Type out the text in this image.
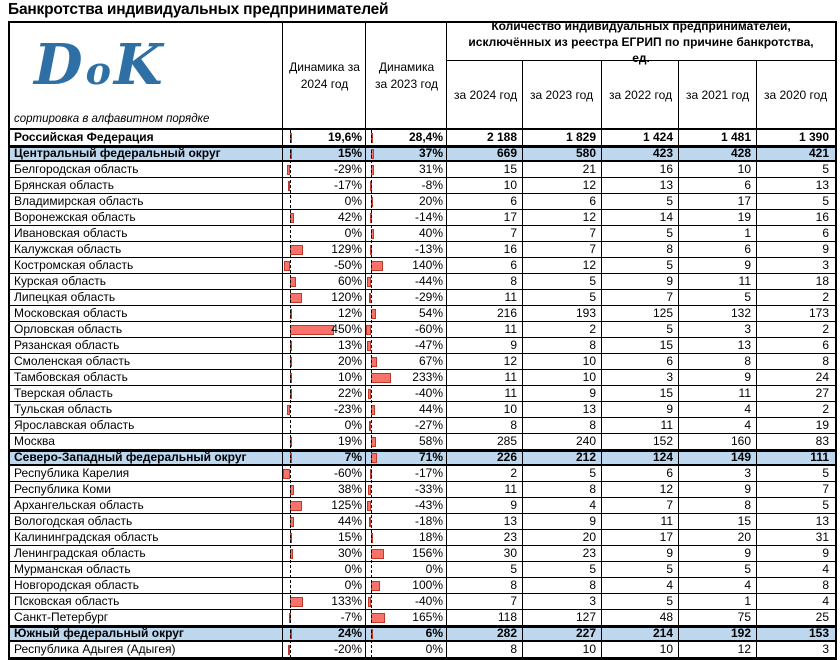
Банкротства индивидуальных предпринимателей
DoK
сортировка в алфавитном порядке
Динамика за 2024 год
Динамика за 2023 год
Количество индивидуальных предпринимателей, исключённых из реестра ЕГРИП по причине банкротства, ед.
за 2024 год	за 2023 год	за 2022 год	за 2021 год	за 2020 год
Российская Федерация	19,6%	28,4%	2 188	1 829	1 424	1 481	1 390
Центральный федеральный округ	15%	37%	669	580	423	428	421
Белгородская область	-29%	31%	15	21	16	10	5
Брянская область	-17%	-8%	10	12	13	6	13
Владимирская область	0%	20%	6	6	5	17	5
Воронежская область	42%	-14%	17	12	14	19	16
Ивановская область	0%	40%	7	7	5	1	6
Калужская область	129%	-13%	16	7	8	6	9
Костромская область	-50%	140%	6	12	5	9	3
Курская область	60%	-44%	8	5	9	11	18
Липецкая область	120%	-29%	11	5	7	5	2
Московская область	12%	54%	216	193	125	132	173
Орловская область	450%	-60%	11	2	5	3	2
Рязанская область	13%	-47%	9	8	15	13	6
Смоленская область	20%	67%	12	10	6	8	8
Тамбовская область	10%	233%	11	10	3	9	24
Тверская область	22%	-40%	11	9	15	11	27
Тульская область	-23%	44%	10	13	9	4	2
Ярославская область	0%	-27%	8	8	11	4	19
Москва	19%	58%	285	240	152	160	83
Северо-Западный федеральный округ	7%	71%	226	212	124	149	111
Республика Карелия	-60%	-17%	2	5	6	3	5
Республика Коми	38%	-33%	11	8	12	9	7
Архангельская область	125%	-43%	9	4	7	8	5
Вологодская область	44%	-18%	13	9	11	15	13
Калининградская область	15%	18%	23	20	17	20	31
Ленинградская область	30%	156%	30	23	9	9	9
Мурманская область	0%	0%	5	5	5	5	4
Новгородская область	0%	100%	8	8	4	4	8
Псковская область	133%	-40%	7	3	5	1	4
Санкт-Петербург	-7%	165%	118	127	48	75	25
Южный федеральный округ	24%	6%	282	227	214	192	153
Республика Адыгея (Адыгея)	-20%	0%	8	10	10	12	3
